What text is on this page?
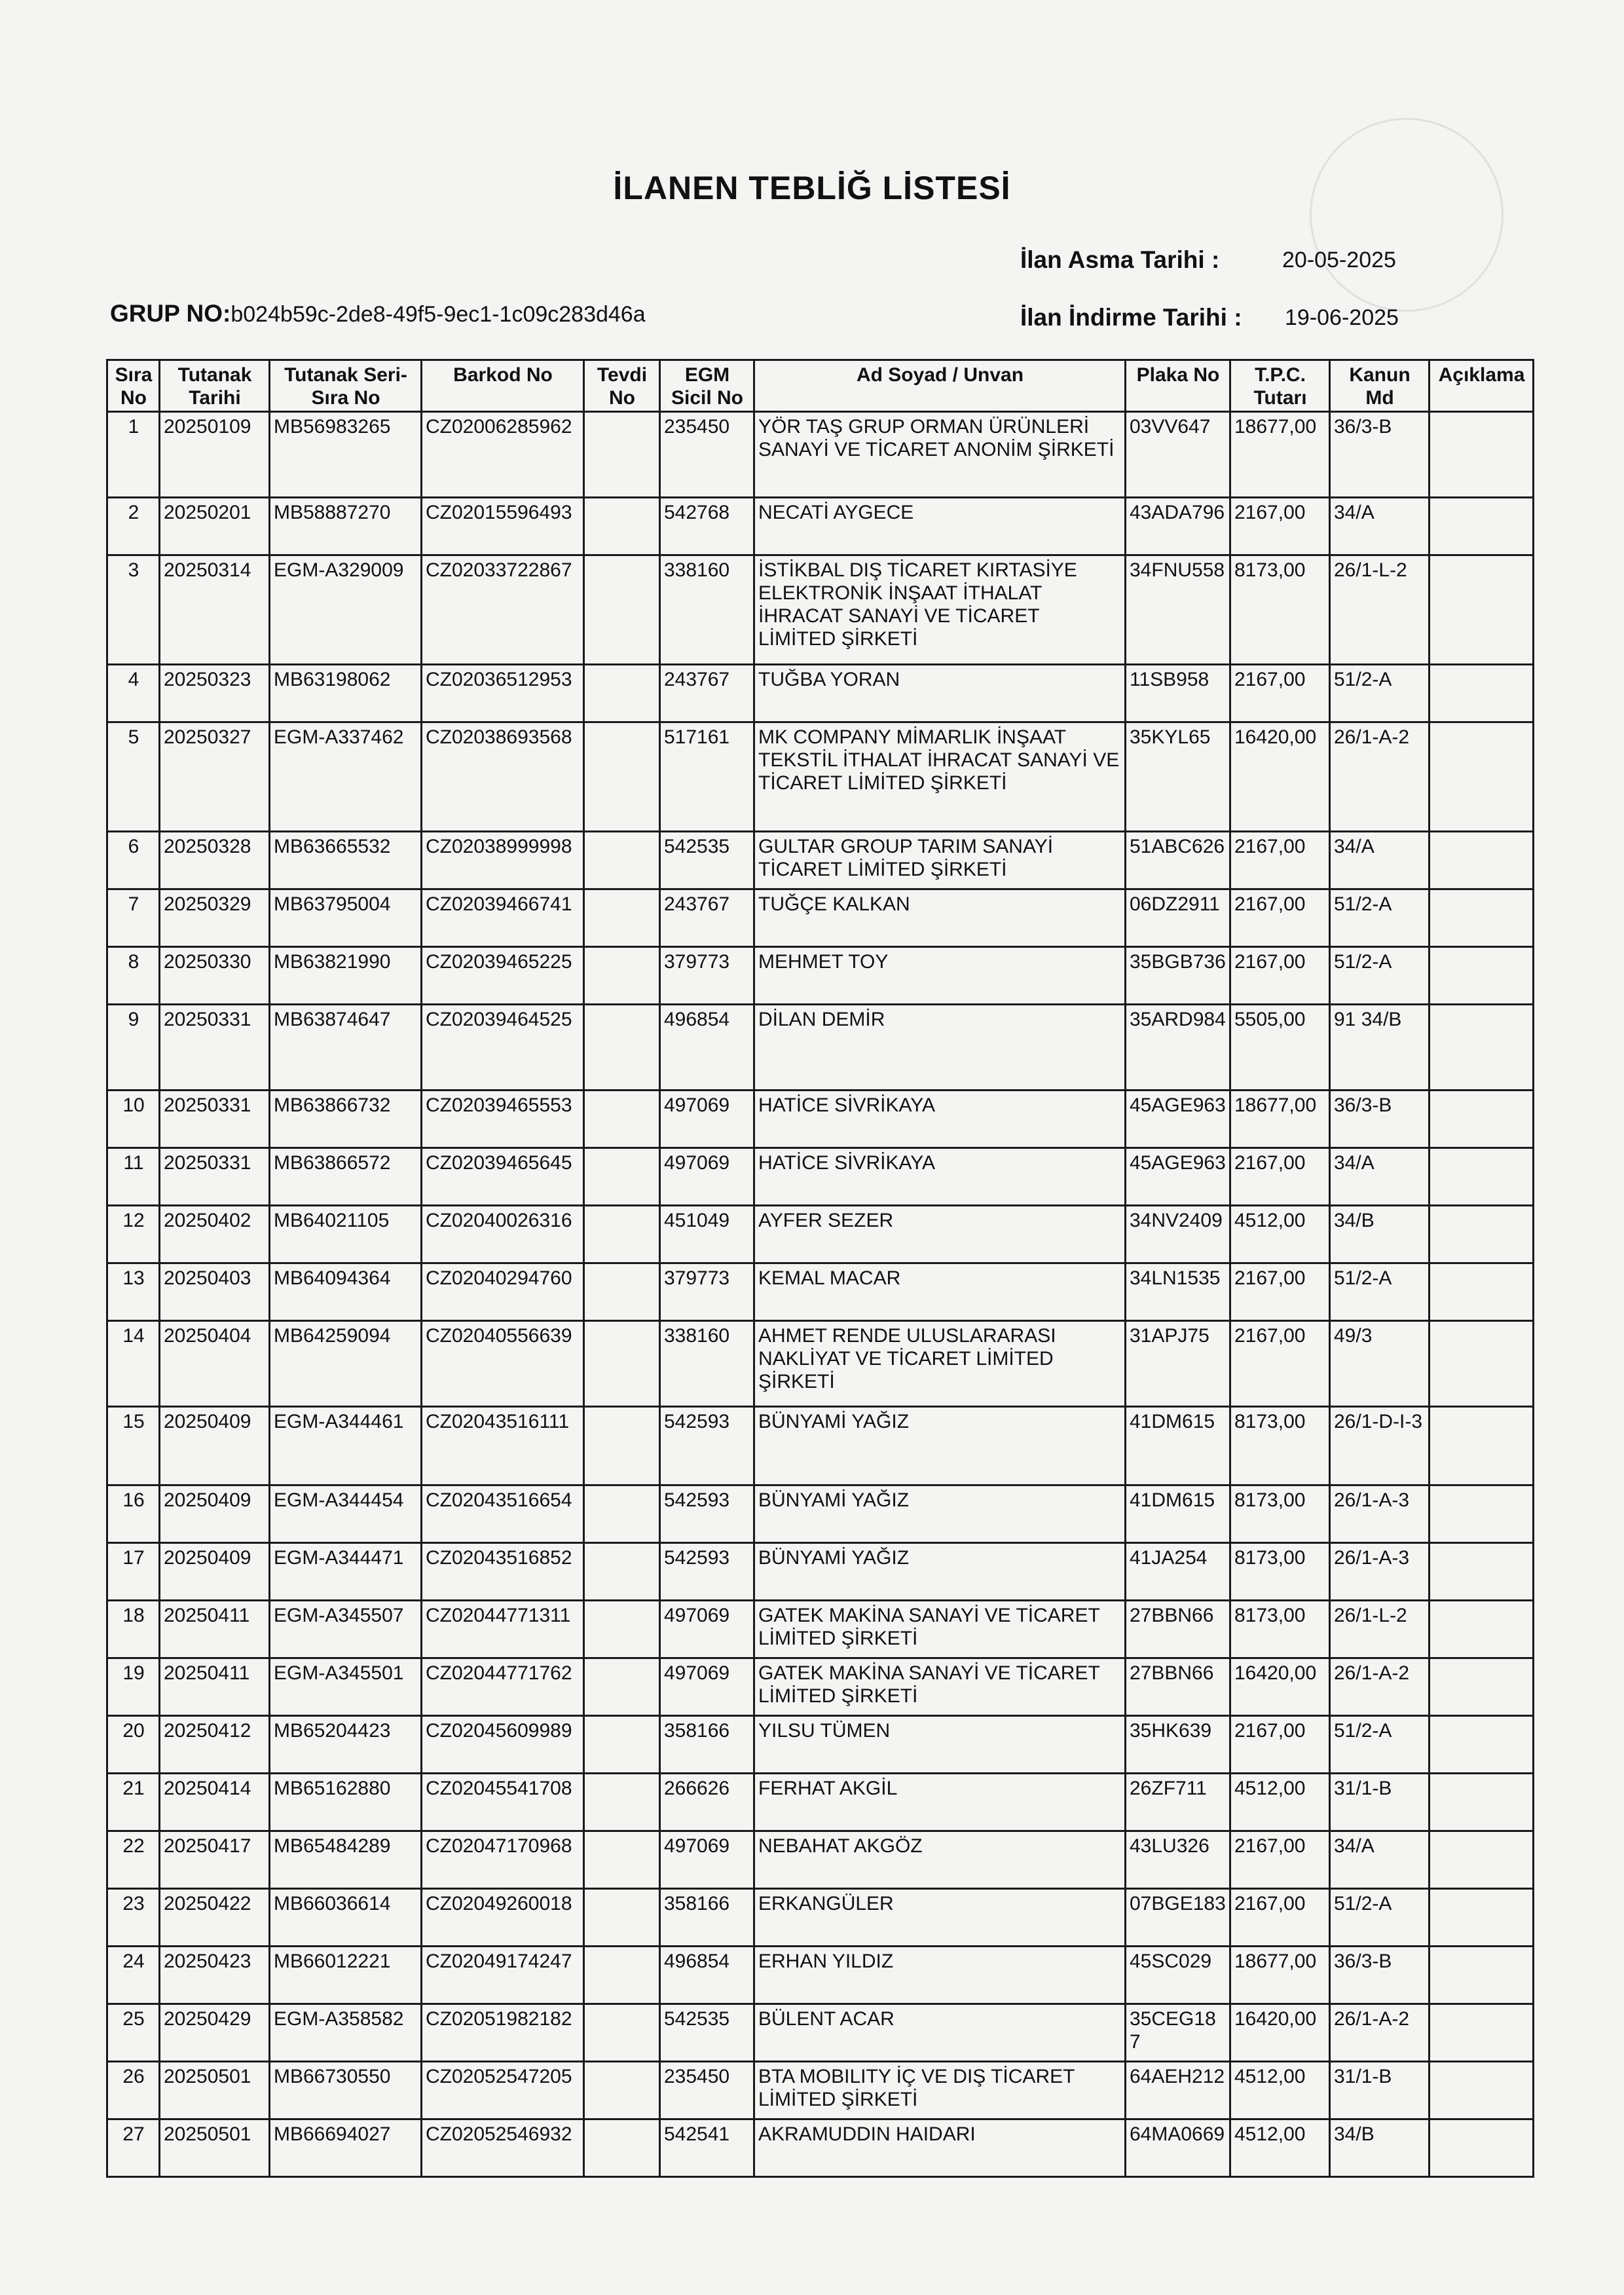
İLANEN TEBLİĞ LİSTESİ
İlan Asma Tarihi :	20-05-2025
İlan İndirme Tarihi : 19-06-2025
GRUP NO:b024b59c-2de8-49f5-9ec1-1c09c283d46a
Sıra No	Tutanak Tarihi	Tutanak Seri-Sıra No	Barkod No	Tevdi No	EGM Sicil No	Ad Soyad / Unvan	Plaka No	T.P.C. Tutarı	Kanun Md	Açıklama
1	20250109	MB56983265	CZ02006285962		235450	YÖR TAŞ GRUP ORMAN ÜRÜNLERİ SANAYİ VE TİCARET ANONİM ŞİRKETİ	03VV647	18677,00	36/3-B	
2	20250201	MB58887270	CZ02015596493		542768	NECATİ AYGECE	43ADA796	2167,00	34/A	
3	20250314	EGM-A329009	CZ02033722867		338160	İSTİKBAL DIŞ TİCARET KIRTASİYE ELEKTRONİK İNŞAAT İTHALAT İHRACAT SANAYİ VE TİCARET LİMİTED ŞİRKETİ	34FNU558	8173,00	26/1-L-2	
4	20250323	MB63198062	CZ02036512953		243767	TUĞBA YORAN	11SB958	2167,00	51/2-A	
5	20250327	EGM-A337462	CZ02038693568		517161	MK COMPANY MİMARLIK İNŞAAT TEKSTİL İTHALAT İHRACAT SANAYİ VE TİCARET LİMİTED ŞİRKETİ	35KYL65	16420,00	26/1-A-2	
6	20250328	MB63665532	CZ02038999998		542535	GULTAR GROUP TARIM SANAYİ TİCARET LİMİTED ŞİRKETİ	51ABC626	2167,00	34/A	
7	20250329	MB63795004	CZ02039466741		243767	TUĞÇE KALKAN	06DZ2911	2167,00	51/2-A	
8	20250330	MB63821990	CZ02039465225		379773	MEHMET TOY	35BGB736	2167,00	51/2-A	
9	20250331	MB63874647	CZ02039464525		496854	DİLAN DEMİR	35ARD984	5505,00	91 34/B	
10	20250331	MB63866732	CZ02039465553		497069	HATİCE SİVRİKAYA	45AGE963	18677,00	36/3-B	
11	20250331	MB63866572	CZ02039465645		497069	HATİCE SİVRİKAYA	45AGE963	2167,00	34/A	
12	20250402	MB64021105	CZ02040026316		451049	AYFER SEZER	34NV2409	4512,00	34/B	
13	20250403	MB64094364	CZ02040294760		379773	KEMAL MACAR	34LN1535	2167,00	51/2-A	
14	20250404	MB64259094	CZ02040556639		338160	AHMET RENDE ULUSLARARASI NAKLİYAT VE TİCARET LİMİTED ŞİRKETİ	31APJ75	2167,00	49/3	
15	20250409	EGM-A344461	CZ02043516111		542593	BÜNYAMİ YAĞIZ	41DM615	8173,00	26/1-D-I-3	
16	20250409	EGM-A344454	CZ02043516654		542593	BÜNYAMİ YAĞIZ	41DM615	8173,00	26/1-A-3	
17	20250409	EGM-A344471	CZ02043516852		542593	BÜNYAMİ YAĞIZ	41JA254	8173,00	26/1-A-3	
18	20250411	EGM-A345507	CZ02044771311		497069	GATEK MAKİNA SANAYİ VE TİCARET LİMİTED ŞİRKETİ	27BBN66	8173,00	26/1-L-2	
19	20250411	EGM-A345501	CZ02044771762		497069	GATEK MAKİNA SANAYİ VE TİCARET LİMİTED ŞİRKETİ	27BBN66	16420,00	26/1-A-2	
20	20250412	MB65204423	CZ02045609989		358166	YILSU TÜMEN	35HK639	2167,00	51/2-A	
21	20250414	MB65162880	CZ02045541708		266626	FERHAT AKGİL	26ZF711	4512,00	31/1-B	
22	20250417	MB65484289	CZ02047170968		497069	NEBAHAT AKGÖZ	43LU326	2167,00	34/A	
23	20250422	MB66036614	CZ02049260018		358166	ERKANGÜLER	07BGE183	2167,00	51/2-A	
24	20250423	MB66012221	CZ02049174247		496854	ERHAN YILDIZ	45SC029	18677,00	36/3-B	
25	20250429	EGM-A358582	CZ02051982182		542535	BÜLENT ACAR	35CEG187	16420,00	26/1-A-2	
26	20250501	MB66730550	CZ02052547205		235450	BTA MOBILITY İÇ VE DIŞ TİCARET LİMİTED ŞİRKETİ	64AEH212	4512,00	31/1-B	
27	20250501	MB66694027	CZ02052546932		542541	AKRAMUDDIN HAIDARI	64MA0669	4512,00	34/B	
